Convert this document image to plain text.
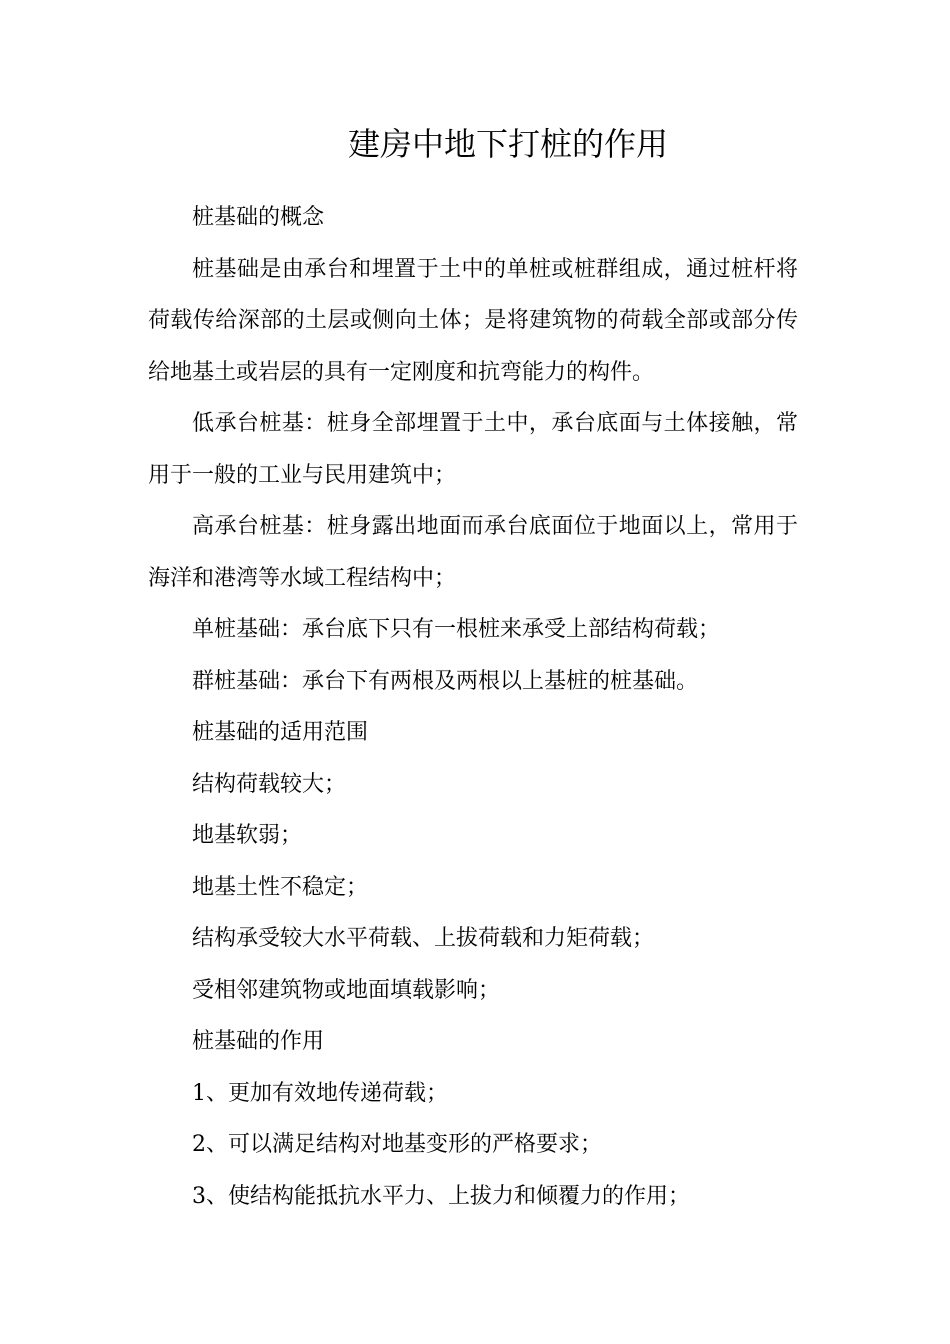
建房中地下打桩的作用

桩基础的概念

桩基础是由承台和埋置于土中的单桩或桩群组成，通过桩杆将荷载传给深部的土层或侧向土体；是将建筑物的荷载全部或部分传给地基土或岩层的具有一定刚度和抗弯能力的构件。

低承台桩基：桩身全部埋置于土中，承台底面与土体接触，常用于一般的工业与民用建筑中；

高承台桩基：桩身露出地面而承台底面位于地面以上，常用于海洋和港湾等水域工程结构中；

单桩基础：承台底下只有一根桩来承受上部结构荷载；

群桩基础：承台下有两根及两根以上基桩的桩基础。

桩基础的适用范围

结构荷载较大；

地基软弱；

地基土性不稳定；

结构承受较大水平荷载、上拔荷载和力矩荷载；

受相邻建筑物或地面填载影响；

桩基础的作用

1、更加有效地传递荷载；

2、可以满足结构对地基变形的严格要求；

3、使结构能抵抗水平力、上拔力和倾覆力的作用；
